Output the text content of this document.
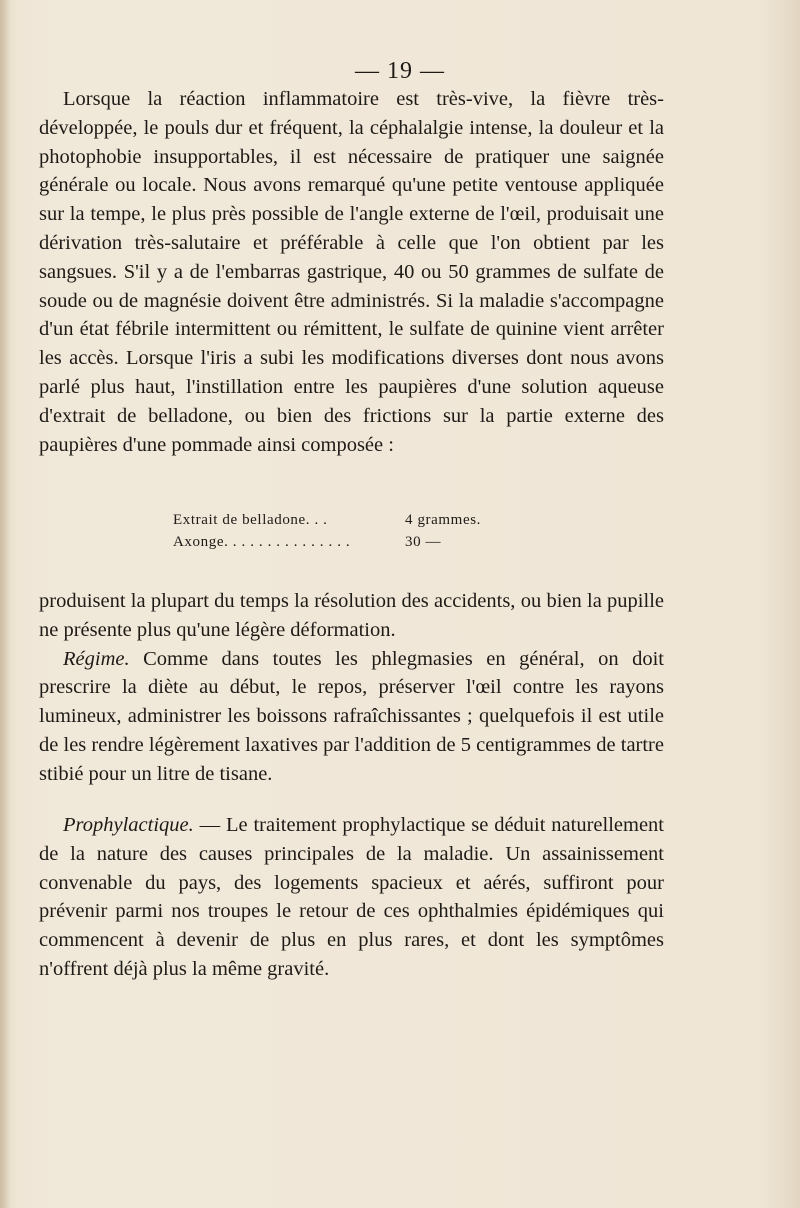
— 19 —

Lorsque la réaction inflammatoire est très-vive, la fièvre très-développée, le pouls dur et fréquent, la céphalalgie intense, la douleur et la photophobie insupportables, il est nécessaire de pratiquer une saignée générale ou locale. Nous avons remarqué qu'une petite ventouse appliquée sur la tempe, le plus près possible de l'angle externe de l'œil, produisait une dérivation très-salutaire et préférable à celle que l'on obtient par les sangsues. S'il y a de l'embarras gastrique, 40 ou 50 grammes de sulfate de soude ou de magnésie doivent être administrés. Si la maladie s'accompagne d'un état fébrile intermittent ou rémittent, le sulfate de quinine vient arrêter les accès. Lorsque l'iris a subi les modifications diverses dont nous avons parlé plus haut, l'instillation entre les paupières d'une solution aqueuse d'extrait de belladone, ou bien des frictions sur la partie externe des paupières d'une pommade ainsi composée :

Extrait de belladone. . .	4 grammes.
Axonge. . . . . . . . . . . . . . .	30 —

produisent la plupart du temps la résolution des accidents, ou bien la pupille ne présente plus qu'une légère déformation.

Régime. Comme dans toutes les phlegmasies en général, on doit prescrire la diète au début, le repos, préserver l'œil contre les rayons lumineux, administrer les boissons rafraîchissantes ; quelquefois il est utile de les rendre légèrement laxatives par l'addition de 5 centigrammes de tartre stibié pour un litre de tisane.

Prophylactique. — Le traitement prophylactique se déduit naturellement de la nature des causes principales de la maladie. Un assainissement convenable du pays, des logements spacieux et aérés, suffiront pour prévenir parmi nos troupes le retour de ces ophthalmies épidémiques qui commencent à devenir de plus en plus rares, et dont les symptômes n'offrent déjà plus la même gravité.
